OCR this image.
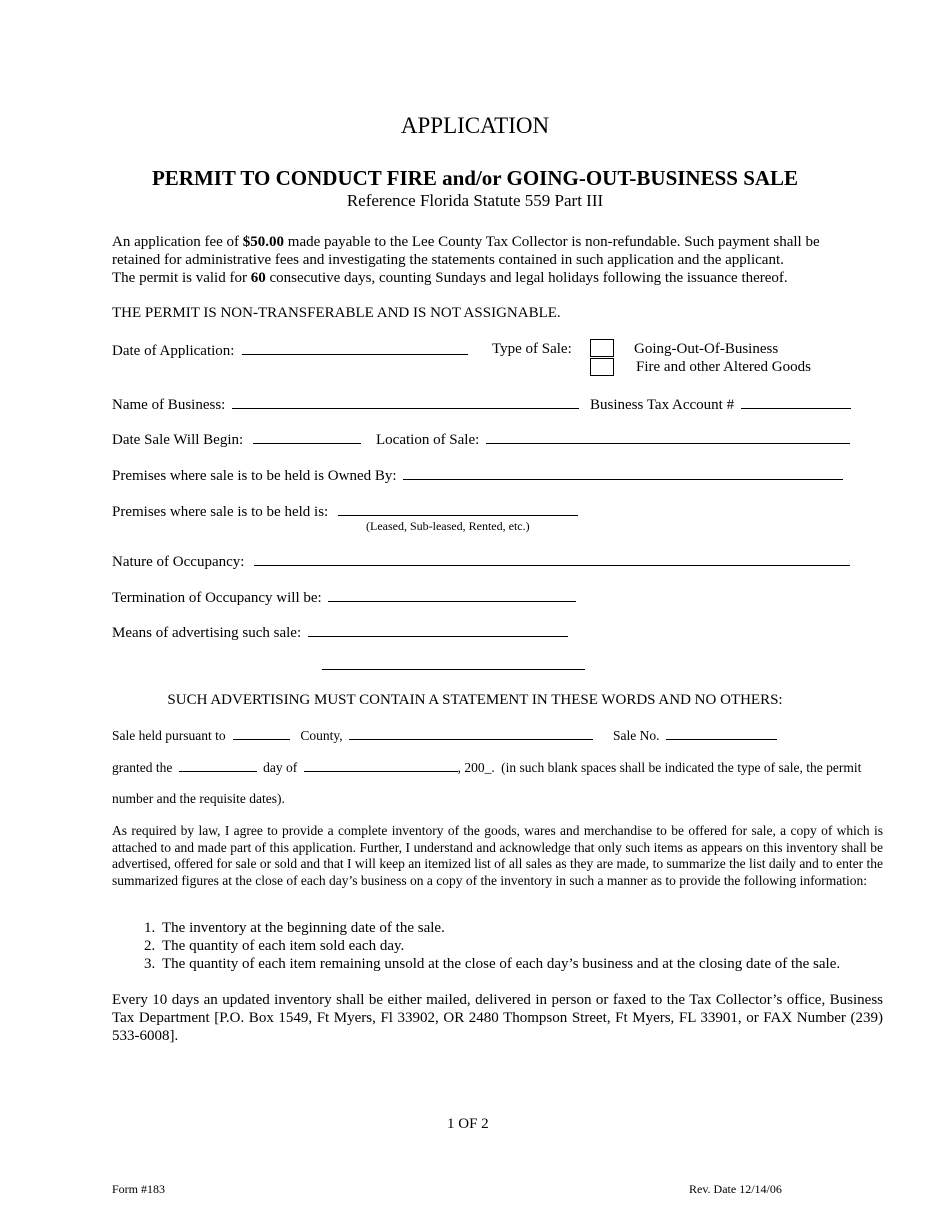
APPLICATION
PERMIT TO CONDUCT FIRE and/or GOING-OUT-BUSINESS SALE
Reference Florida Statute 559 Part III
An application fee of $50.00 made payable to the Lee County Tax Collector is non-refundable. Such payment shall be
retained for administrative fees and investigating the statements contained in such application and the applicant.
The permit is valid for 60 consecutive days, counting Sundays and legal holidays following the issuance thereof.
THE PERMIT IS NON-TRANSFERABLE AND IS NOT ASSIGNABLE.
Date of Application:	Type of Sale:	Going-Out-Of-Business
Fire and other Altered Goods
Name of Business:	Business Tax Account #
Date Sale Will Begin:	Location of Sale:
Premises where sale is to be held is Owned By:
Premises where sale is to be held is:
(Leased, Sub-leased, Rented, etc.)
Nature of Occupancy:
Termination of Occupancy will be:
Means of advertising such sale:
SUCH ADVERTISING MUST CONTAIN A STATEMENT IN THESE WORDS AND NO OTHERS:
Sale held pursuant to	County,	Sale No.
granted the	day of	, 200_. (in such blank spaces shall be indicated the type of sale, the permit
number and the requisite dates).
As required by law, I agree to provide a complete inventory of the goods, wares and merchandise to be offered for sale, a copy of which is attached to and made part of this application. Further, I understand and acknowledge that only such items as appears on this inventory shall be advertised, offered for sale or sold and that I will keep an itemized list of all sales as they are made, to summarize the list daily and to enter the summarized figures at the close of each day’s business on a copy of the inventory in such a manner as to provide the following information:
1. The inventory at the beginning date of the sale.
2. The quantity of each item sold each day.
3. The quantity of each item remaining unsold at the close of each day’s business and at the closing date of the sale.
Every 10 days an updated inventory shall be either mailed, delivered in person or faxed to the Tax Collector’s office, Business Tax Department [P.O. Box 1549, Ft Myers, Fl 33902, OR 2480 Thompson Street, Ft Myers, FL 33901, or FAX Number (239) 533-6008].
1 OF 2
Form #183	Rev. Date 12/14/06
